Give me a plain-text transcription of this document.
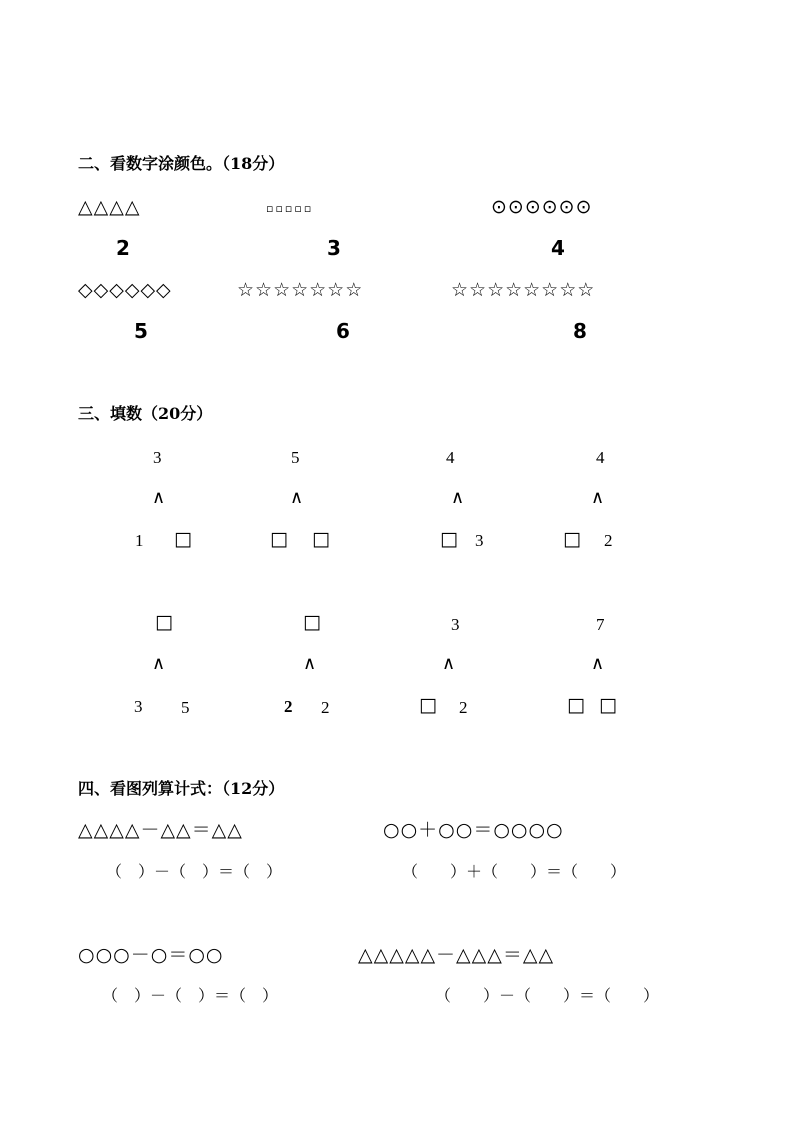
二、看数字涂颜色。（18分）
△△△△	▫▫▫▫▫	⊙⊙⊙⊙⊙⊙
2	3	4
◇◇◇◇◇◇	☆☆☆☆☆☆☆	☆☆☆☆☆☆☆☆
5	6	8
三、填数（20分）
3
∧
1 □
5
∧
□ □
4
∧
□ 3
4
∧
□ 2
□
∧
3 5
□
∧
2 2
3
∧
□ 2
7
∧
□ □
四、看图列算计式：（12分）
△△△△－△△＝△△
（　）－（　）＝（　）
○○＋○○＝○○○○
（　　）＋（　　）＝（　　）
○○○－○＝○○
（　）－（　）＝（　）
△△△△△－△△△＝△△
（　　）－（　　）＝（　　）
